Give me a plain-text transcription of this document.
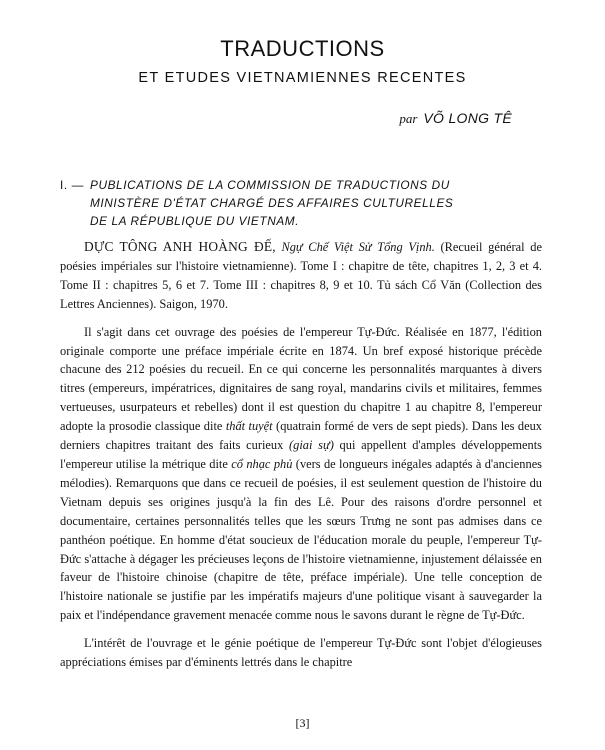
TRADUCTIONS
ET ETUDES VIETNAMIENNES RECENTES
par VÕ LONG TÊ
I. — PUBLICATIONS DE LA COMMISSION DE TRADUCTIONS DU
MINISTÈRE D'ÉTAT CHARGÉ DES AFFAIRES CULTURELLES
DE LA RÉPUBLIQUE DU VIETNAM.

DỰC TÔNG ANH HOÀNG ĐẾ, Ngự Chế Việt Sử Tổng Vịnh. (Recueil général de poésies impériales sur l'histoire vietnamienne). Tome I : chapitre de tête, chapitres 1, 2, 3 et 4. Tome II : chapitres 5, 6 et 7. Tome III : chapitres 8, 9 et 10. Tủ sách Cổ Văn (Collection des Lettres Anciennes). Saigon, 1970.

Il s'agit dans cet ouvrage des poésies de l'empereur Tự-Đức. Réalisée en 1877, l'édition originale comporte une préface impériale écrite en 1874. Un bref exposé historique précède chacune des 212 poésies du recueil. En ce qui concerne les personnalités marquantes à divers titres (empereurs, impératrices, dignitaires de sang royal, mandarins civils et militaires, femmes vertueuses, usurpateurs et rebelles) dont il est question du chapitre 1 au chapitre 8, l'empereur adopte la prosodie classique dite thất tuyệt (quatrain formé de vers de sept pieds). Dans les deux derniers chapitres traitant des faits curieux (giai sự) qui appellent d'amples développements l'empereur utilise la métrique dite cổ nhạc phủ (vers de longueurs inégales adaptés à d'anciennes mélodies). Remarquons que dans ce recueil de poésies, il est seulement question de l'histoire du Vietnam depuis ses origines jusqu'à la fin des Lê. Pour des raisons d'ordre personnel et documentaire, certaines personnalités telles que les sœurs Trưng ne sont pas admises dans ce panthéon poétique. En homme d'état soucieux de l'éducation morale du peuple, l'empereur Tự-Đức s'attache à dégager les précieuses leçons de l'histoire vietnamienne, injustement délaissée en faveur de l'histoire chinoise (chapitre de tête, préface impériale). Une telle conception de l'histoire nationale se justifie par les impératifs majeurs d'une politique visant à sauvegarder la paix et l'indépendance gravement menacée comme nous le savons durant le règne de Tự-Đức.

L'intérêt de l'ouvrage et le génie poétique de l'empereur Tự-Đức sont l'objet d'élogieuses appréciations émises par d'éminents lettrés dans le chapitre

[3]
